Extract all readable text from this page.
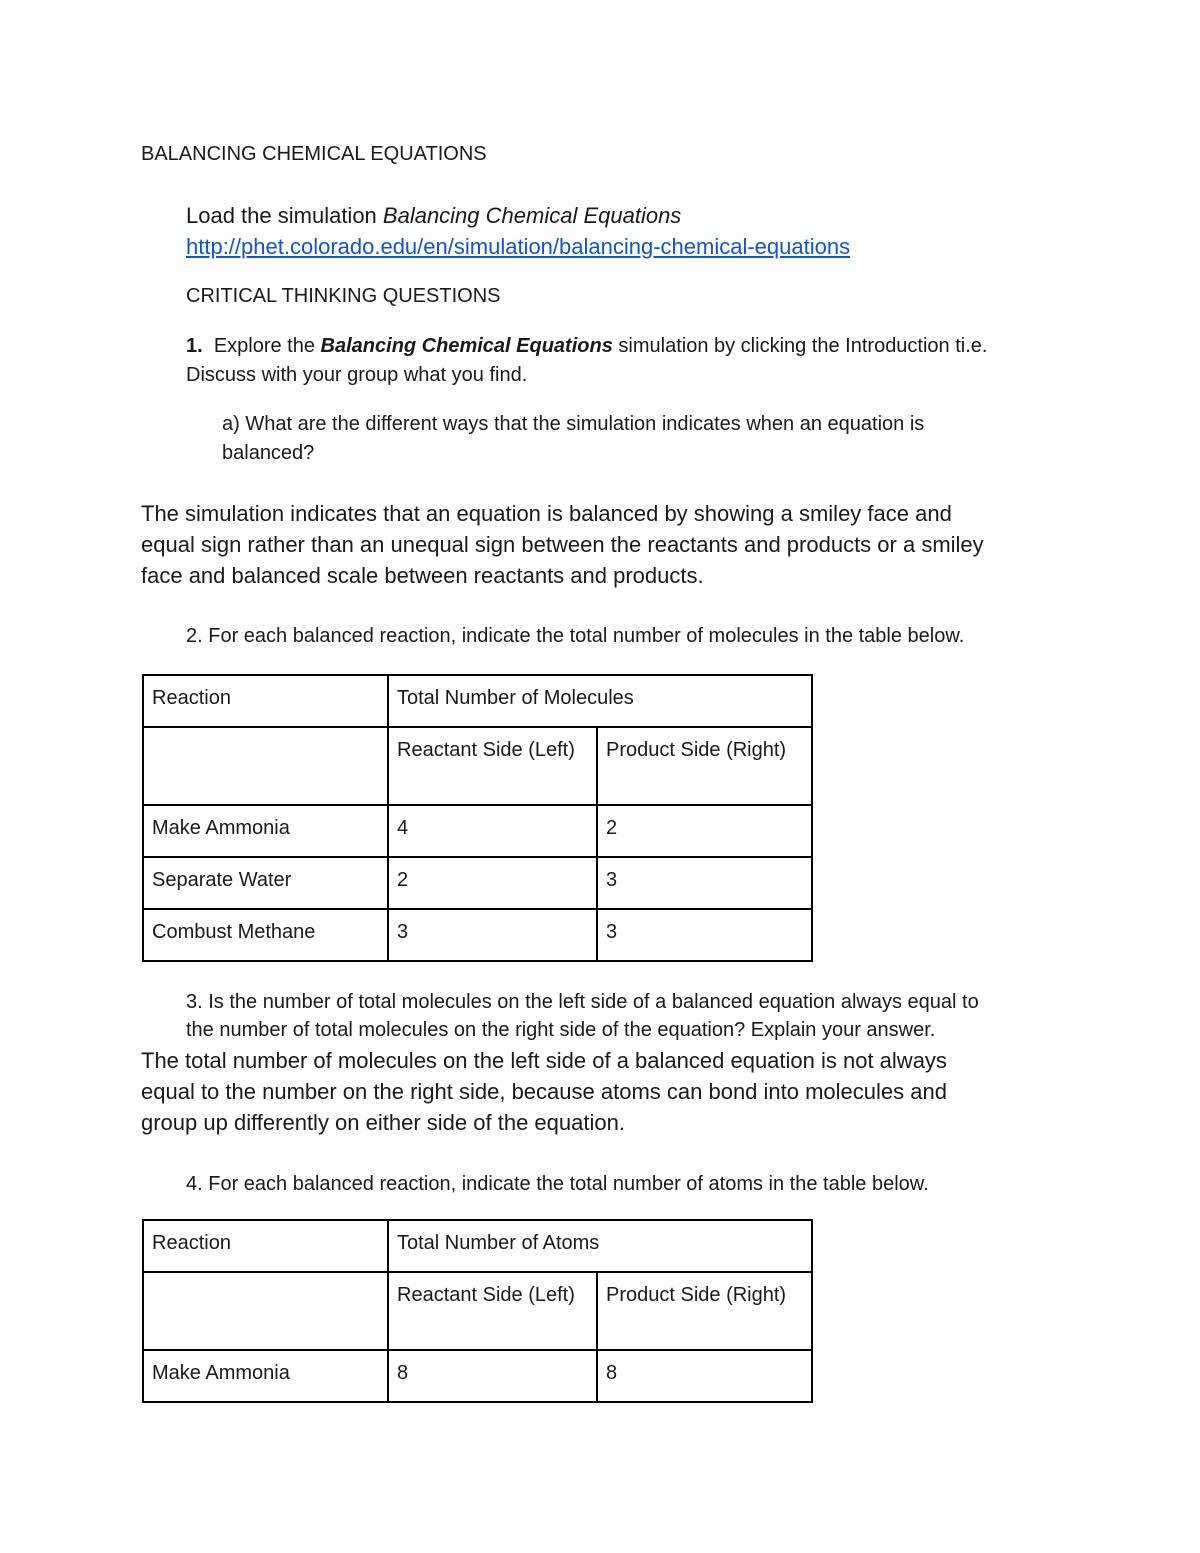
BALANCING CHEMICAL EQUATIONS
Load the simulation Balancing Chemical Equations
http://phet.colorado.edu/en/simulation/balancing-chemical-equations
CRITICAL THINKING QUESTIONS
1. Explore the Balancing Chemical Equations simulation by clicking the Introduction ti.e.
Discuss with your group what you find.
a) What are the different ways that the simulation indicates when an equation is
balanced?
The simulation indicates that an equation is balanced by showing a smiley face and
equal sign rather than an unequal sign between the reactants and products or a smiley
face and balanced scale between reactants and products.
2. For each balanced reaction, indicate the total number of molecules in the table below.
Reaction	Total Number of Molecules	
	Reactant Side (Left)	Product Side (Right)
Make Ammonia	4	2
Separate Water	2	3
Combust Methane	3	3
3. Is the number of total molecules on the left side of a balanced equation always equal to
the number of total molecules on the right side of the equation? Explain your answer.
The total number of molecules on the left side of a balanced equation is not always
equal to the number on the right side, because atoms can bond into molecules and
group up differently on either side of the equation.
4. For each balanced reaction, indicate the total number of atoms in the table below.
Reaction	Total Number of Atoms	
	Reactant Side (Left)	Product Side (Right)
Make Ammonia	8	8
